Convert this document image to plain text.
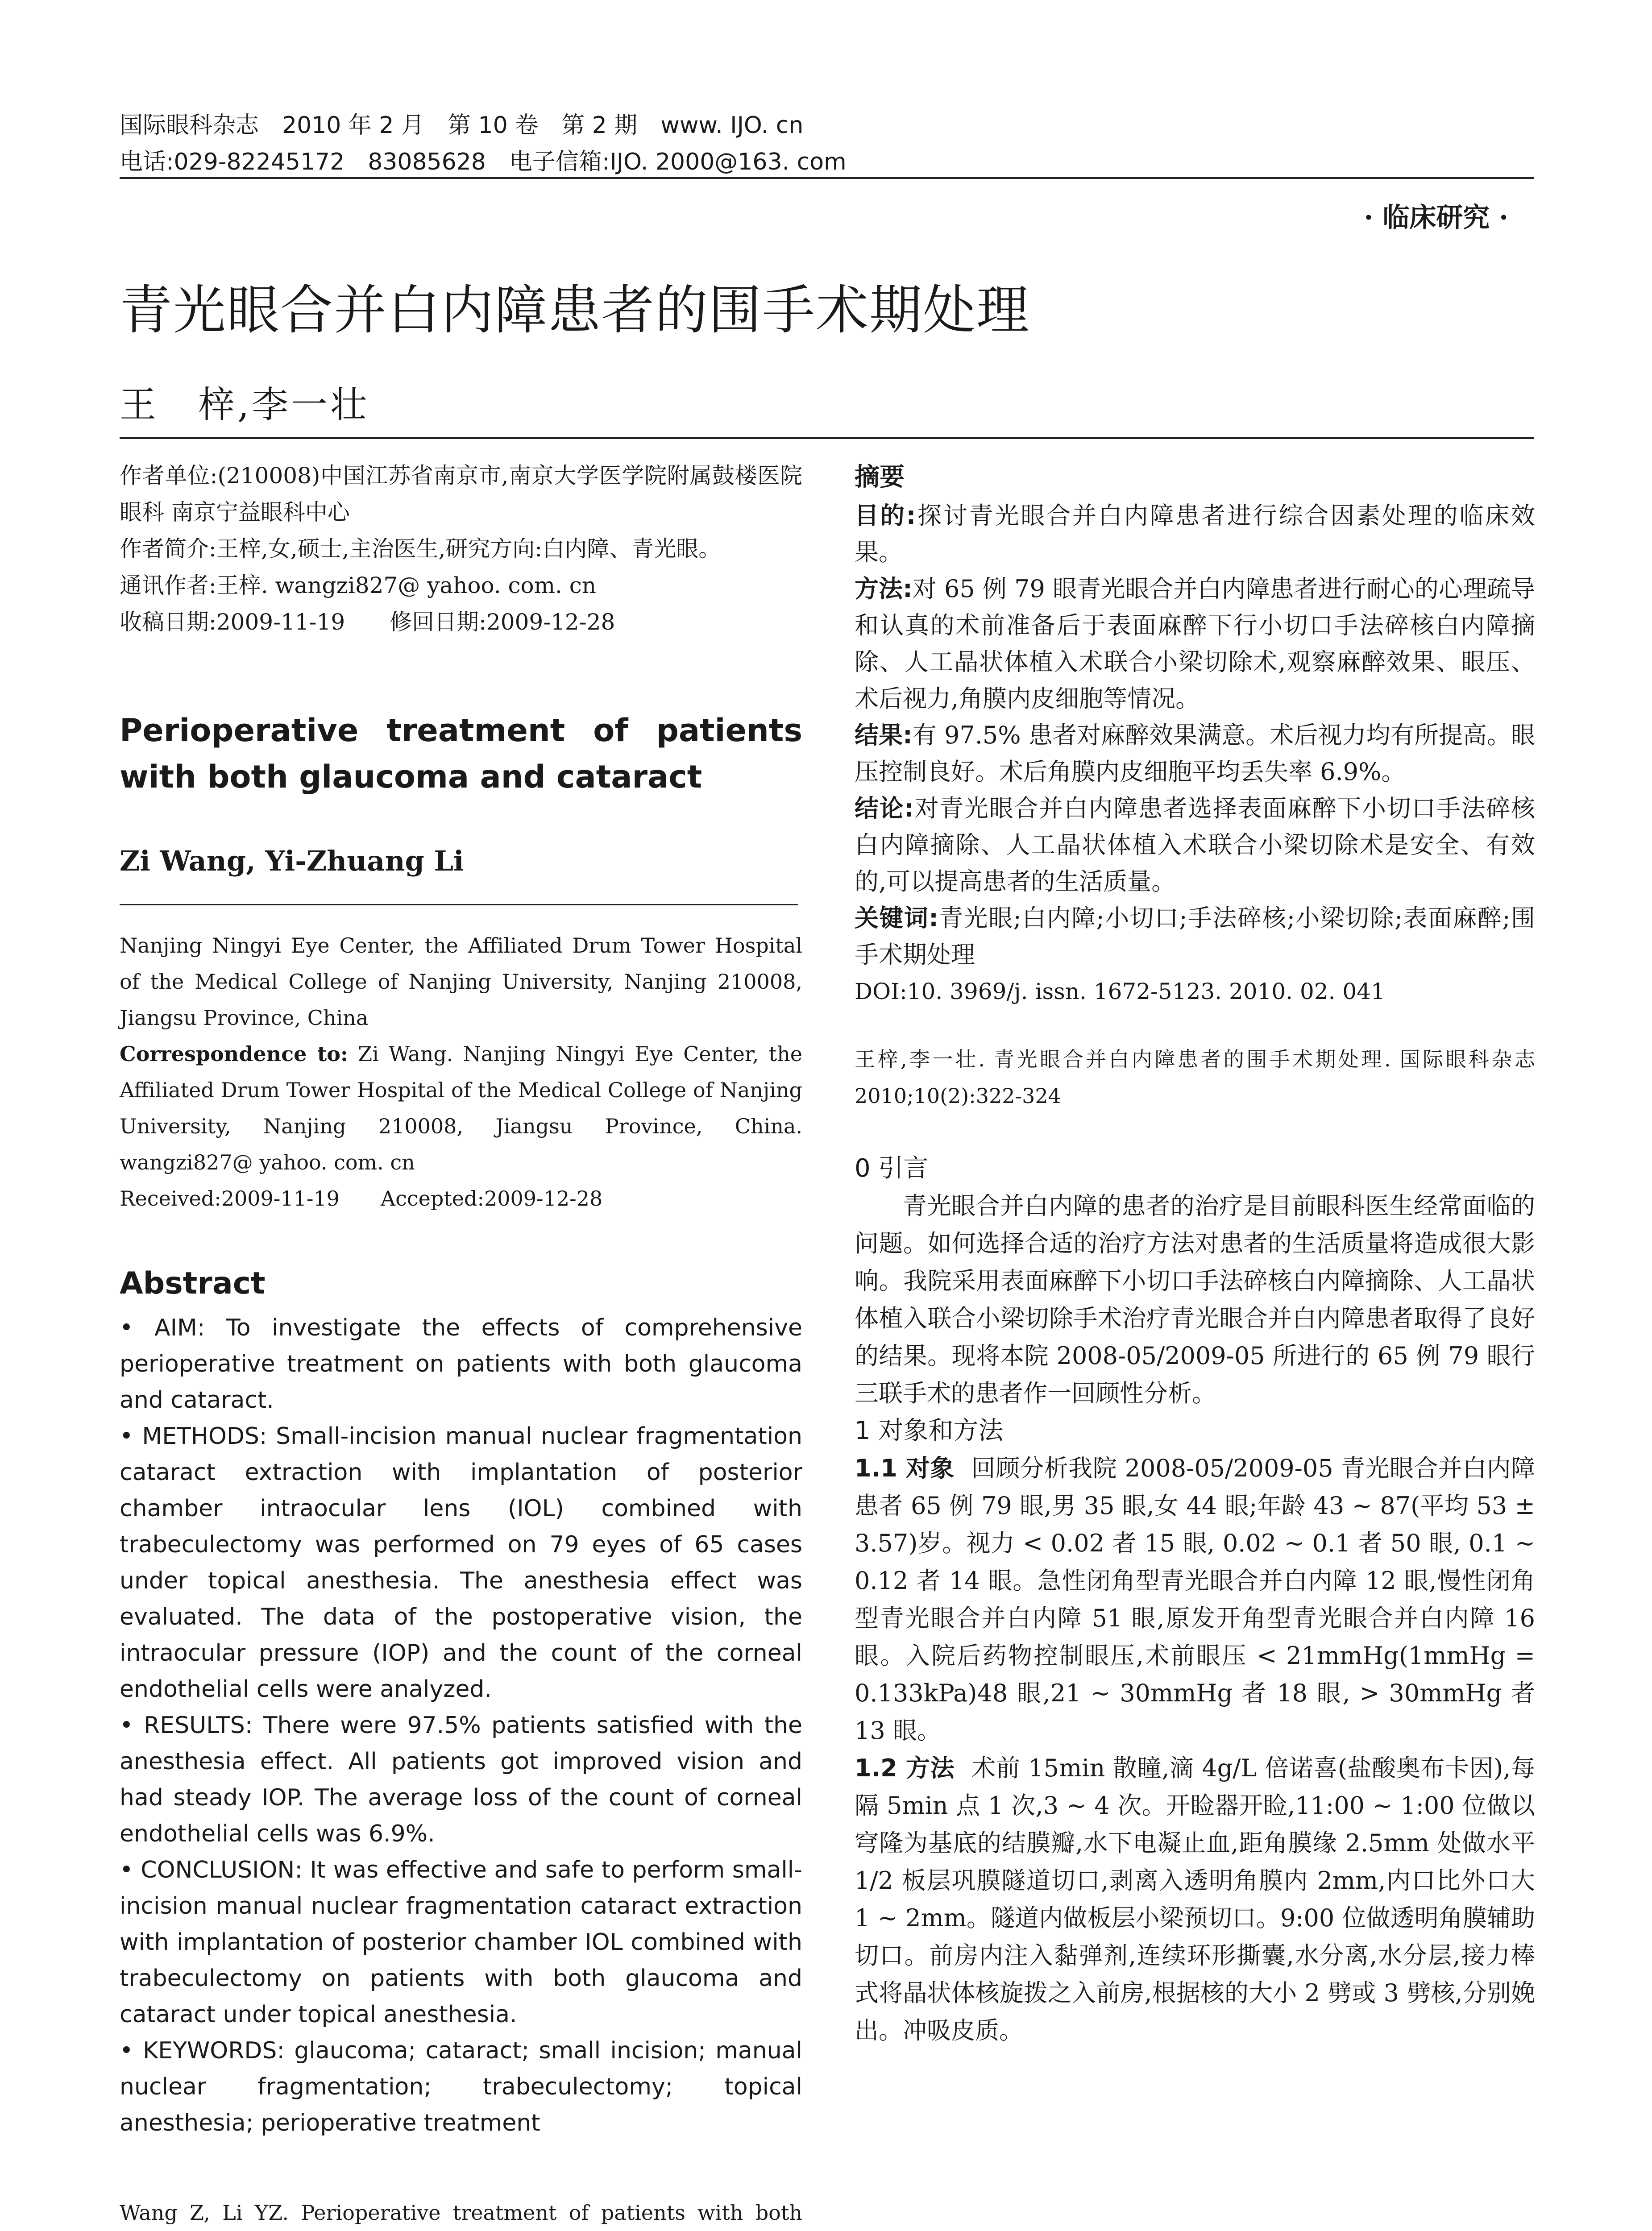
国际眼科杂志　2010 年 2 月　第 10 卷　第 2 期　www. IJO. cn
电话:029-82245172　83085628　电子信箱:IJO. 2000@163. com
· 临床研究 ·
青光眼合并白内障患者的围手术期处理
王　梓,李一壮

作者单位:(210008)中国江苏省南京市,南京大学医学院附属鼓楼医院眼科 南京宁益眼科中心

作者简介:王梓,女,硕士,主治医生,研究方向:白内障、青光眼。

通讯作者:王梓. wangzi827@ yahoo. com. cn

收稿日期:2009-11-19　　修回日期:2009-12-28

Perioperative treatment of patients with both glaucoma and cataract
Zi Wang, Yi-Zhuang Li

Nanjing Ningyi Eye Center, the Affiliated Drum Tower Hospital of the Medical College of Nanjing University, Nanjing 210008, Jiangsu Province, China

Correspondence to: Zi Wang. Nanjing Ningyi Eye Center, the Affiliated Drum Tower Hospital of the Medical College of Nanjing University, Nanjing 210008, Jiangsu Province, China. wangzi827@ yahoo. com. cn

Received:2009-11-19　　Accepted:2009-12-28

Abstract

• AIM: To investigate the effects of comprehensive perioperative treatment on patients with both glaucoma and cataract.

• METHODS: Small-incision manual nuclear fragmentation cataract extraction with implantation of posterior chamber intraocular lens (IOL) combined with trabeculectomy was performed on 79 eyes of 65 cases under topical anesthesia. The anesthesia effect was evaluated. The data of the postoperative vision, the intraocular pressure (IOP) and the count of the corneal endothelial cells were analyzed.

• RESULTS: There were 97.5% patients satisfied with the anesthesia effect. All patients got improved vision and had steady IOP. The average loss of the count of corneal endothelial cells was 6.9%.

• CONCLUSION: It was effective and safe to perform small-incision manual nuclear fragmentation cataract extraction with implantation of posterior chamber IOL combined with trabeculectomy on patients with both glaucoma and cataract under topical anesthesia.

• KEYWORDS: glaucoma; cataract; small incision; manual nuclear fragmentation; trabeculectomy; topical anesthesia; perioperative treatment

Wang Z, Li YZ. Perioperative treatment of patients with both
摘要

目的:探讨青光眼合并白内障患者进行综合因素处理的临床效果。

方法:对 65 例 79 眼青光眼合并白内障患者进行耐心的心理疏导和认真的术前准备后于表面麻醉下行小切口手法碎核白内障摘除、人工晶状体植入术联合小梁切除术,观察麻醉效果、眼压、术后视力,角膜内皮细胞等情况。

结果:有 97.5% 患者对麻醉效果满意。术后视力均有所提高。眼压控制良好。术后角膜内皮细胞平均丢失率 6.9%。

结论:对青光眼合并白内障患者选择表面麻醉下小切口手法碎核白内障摘除、人工晶状体植入术联合小梁切除术是安全、有效的,可以提高患者的生活质量。

关键词:青光眼;白内障;小切口;手法碎核;小梁切除;表面麻醉;围手术期处理

DOI:10. 3969/j. issn. 1672-5123. 2010. 02. 041

王梓,李一壮. 青光眼合并白内障患者的围手术期处理. 国际眼科杂志 2010;10(2):322-324
0 引言

青光眼合并白内障的患者的治疗是目前眼科医生经常面临的问题。如何选择合适的治疗方法对患者的生活质量将造成很大影响。我院采用表面麻醉下小切口手法碎核白内障摘除、人工晶状体植入联合小梁切除手术治疗青光眼合并白内障患者取得了良好的结果。现将本院 2008-05/2009-05 所进行的 65 例 79 眼行三联手术的患者作一回顾性分析。

1 对象和方法

1.1 对象 回顾分析我院 2008-05/2009-05 青光眼合并白内障患者 65 例 79 眼,男 35 眼,女 44 眼;年龄 43 ~ 87(平均 53 ± 3.57)岁。视力 < 0.02 者 15 眼, 0.02 ~ 0.1 者 50 眼, 0.1 ~ 0.12 者 14 眼。急性闭角型青光眼合并白内障 12 眼,慢性闭角型青光眼合并白内障 51 眼,原发开角型青光眼合并白内障 16 眼。入院后药物控制眼压,术前眼压 < 21mmHg(1mmHg = 0.133kPa)48 眼,21 ~ 30mmHg 者 18 眼, > 30mmHg 者 13 眼。

1.2 方法 术前 15min 散瞳,滴 4g/L 倍诺喜(盐酸奥布卡因),每隔 5min 点 1 次,3 ~ 4 次。开睑器开睑,11:00 ~ 1:00 位做以穹隆为基底的结膜瓣,水下电凝止血,距角膜缘 2.5mm 处做水平 1/2 板层巩膜隧道切口,剥离入透明角膜内 2mm,内口比外口大 1 ~ 2mm。隧道内做板层小梁预切口。9:00 位做透明角膜辅助切口。前房内注入黏弹剂,连续环形撕囊,水分离,水分层,接力棒式将晶状体核旋拨之入前房,根据核的大小 2 劈或 3 劈核,分别娩出。冲吸皮质。
